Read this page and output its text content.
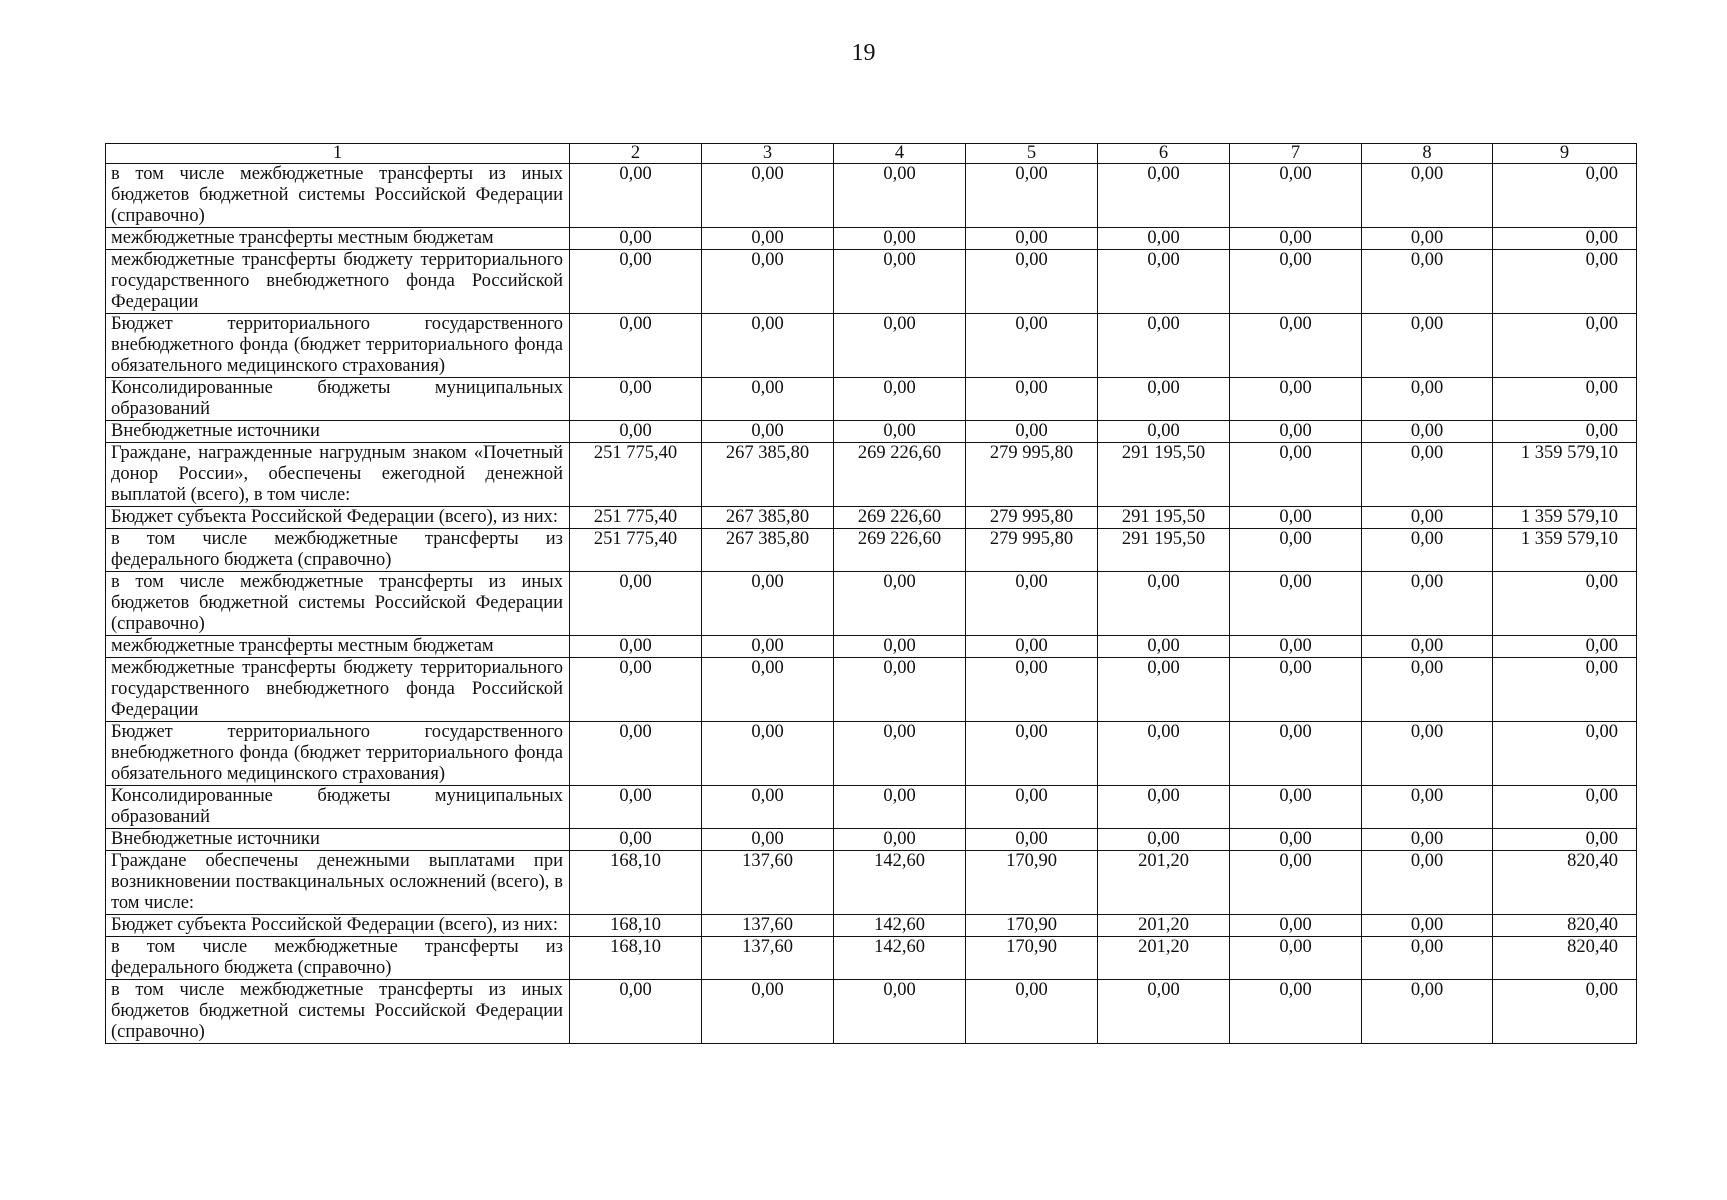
19
1	2	3	4	5	6	7	8	9
в том числе межбюджетные трансферты из иных бюджетов бюджетной системы Российской Федерации (справочно)	0,00	0,00	0,00	0,00	0,00	0,00	0,00	0,00
межбюджетные трансферты местным бюджетам	0,00	0,00	0,00	0,00	0,00	0,00	0,00	0,00
межбюджетные трансферты бюджету территориального государственного внебюджетного фонда Российской Федерации	0,00	0,00	0,00	0,00	0,00	0,00	0,00	0,00
Бюджет территориального государственного внебюджетного фонда (бюджет территориального фонда обязательного медицинского страхования)	0,00	0,00	0,00	0,00	0,00	0,00	0,00	0,00
Консолидированные бюджеты муниципальных образований	0,00	0,00	0,00	0,00	0,00	0,00	0,00	0,00
Внебюджетные источники	0,00	0,00	0,00	0,00	0,00	0,00	0,00	0,00
Граждане, награжденные нагрудным знаком «Почетный донор России», обеспечены ежегодной денежной выплатой (всего), в том числе:	251 775,40	267 385,80	269 226,60	279 995,80	291 195,50	0,00	0,00	1 359 579,10
Бюджет субъекта Российской Федерации (всего), из них:	251 775,40	267 385,80	269 226,60	279 995,80	291 195,50	0,00	0,00	1 359 579,10
в том числе межбюджетные трансферты из федерального бюджета (справочно)	251 775,40	267 385,80	269 226,60	279 995,80	291 195,50	0,00	0,00	1 359 579,10
в том числе межбюджетные трансферты из иных бюджетов бюджетной системы Российской Федерации (справочно)	0,00	0,00	0,00	0,00	0,00	0,00	0,00	0,00
межбюджетные трансферты местным бюджетам	0,00	0,00	0,00	0,00	0,00	0,00	0,00	0,00
межбюджетные трансферты бюджету территориального государственного внебюджетного фонда Российской Федерации	0,00	0,00	0,00	0,00	0,00	0,00	0,00	0,00
Бюджет территориального государственного внебюджетного фонда (бюджет территориального фонда обязательного медицинского страхования)	0,00	0,00	0,00	0,00	0,00	0,00	0,00	0,00
Консолидированные бюджеты муниципальных образований	0,00	0,00	0,00	0,00	0,00	0,00	0,00	0,00
Внебюджетные источники	0,00	0,00	0,00	0,00	0,00	0,00	0,00	0,00
Граждане обеспечены денежными выплатами при возникновении поствакцинальных осложнений (всего), в том числе:	168,10	137,60	142,60	170,90	201,20	0,00	0,00	820,40
Бюджет субъекта Российской Федерации (всего), из них:	168,10	137,60	142,60	170,90	201,20	0,00	0,00	820,40
в том числе межбюджетные трансферты из федерального бюджета (справочно)	168,10	137,60	142,60	170,90	201,20	0,00	0,00	820,40
в том числе межбюджетные трансферты из иных бюджетов бюджетной системы Российской Федерации (справочно)	0,00	0,00	0,00	0,00	0,00	0,00	0,00	0,00
